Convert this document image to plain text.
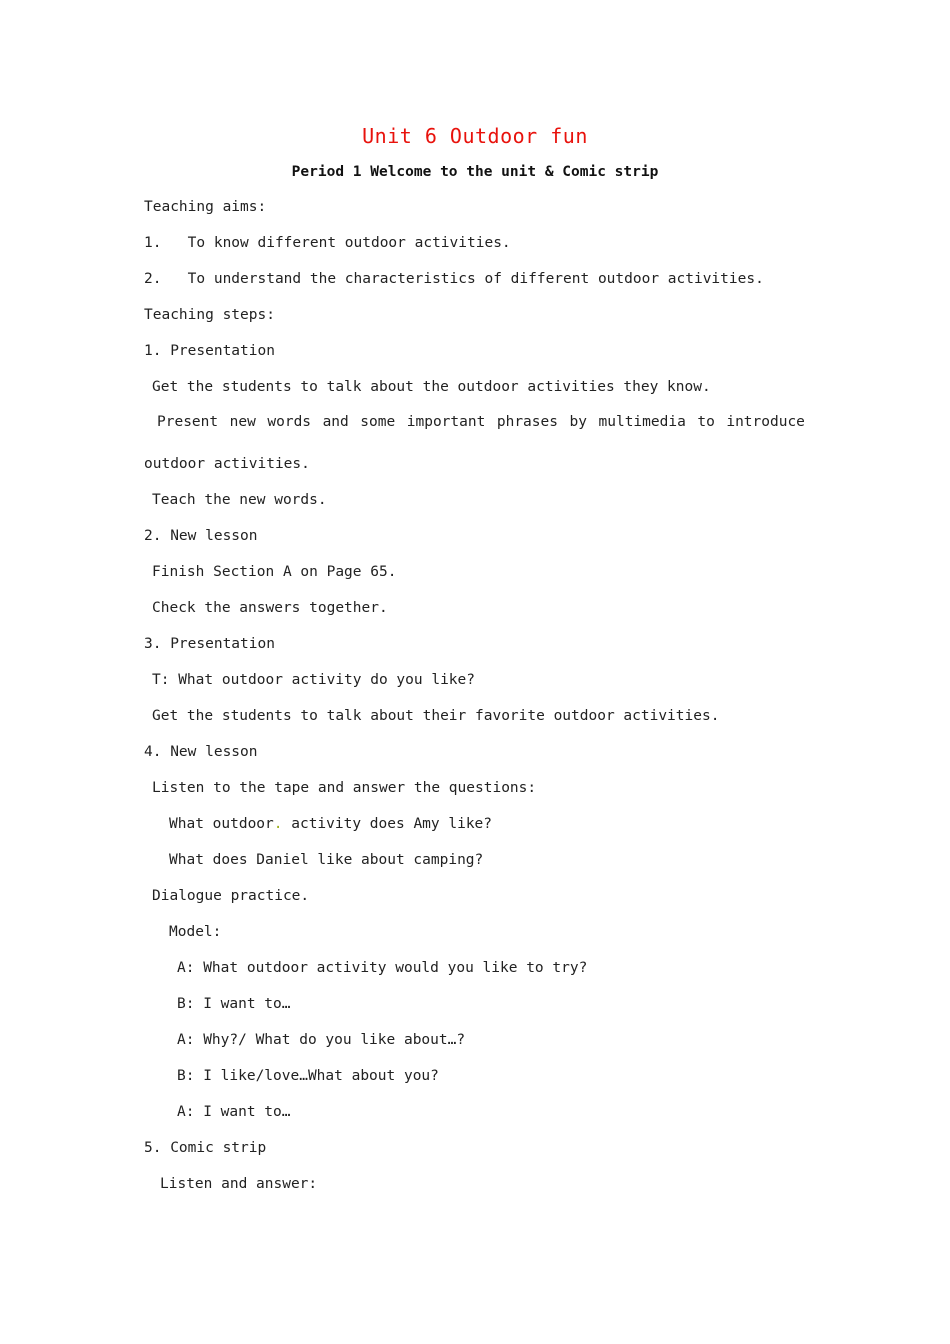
Unit 6 Outdoor fun
Period 1 Welcome to the unit & Comic strip
Teaching aims:
1.   To know different outdoor activities.
2.   To understand the characteristics of different outdoor activities.
Teaching steps:
1. Presentation
Get the students to talk about the outdoor activities they know.
Present new words and some important phrases by multimedia to introduce
outdoor activities.
Teach the new words.
2. New lesson
Finish Section A on Page 65.
Check the answers together.
3. Presentation
T: What outdoor activity do you like?
Get the students to talk about their favorite outdoor activities.
4. New lesson
Listen to the tape and answer the questions:
What outdoor. activity does Amy like?
What does Daniel like about camping?
Dialogue practice.
Model:
A: What outdoor activity would you like to try?
B: I want to…
A: Why?/ What do you like about…?
B: I like/love…What about you?
A: I want to…
5. Comic strip
Listen and answer:
